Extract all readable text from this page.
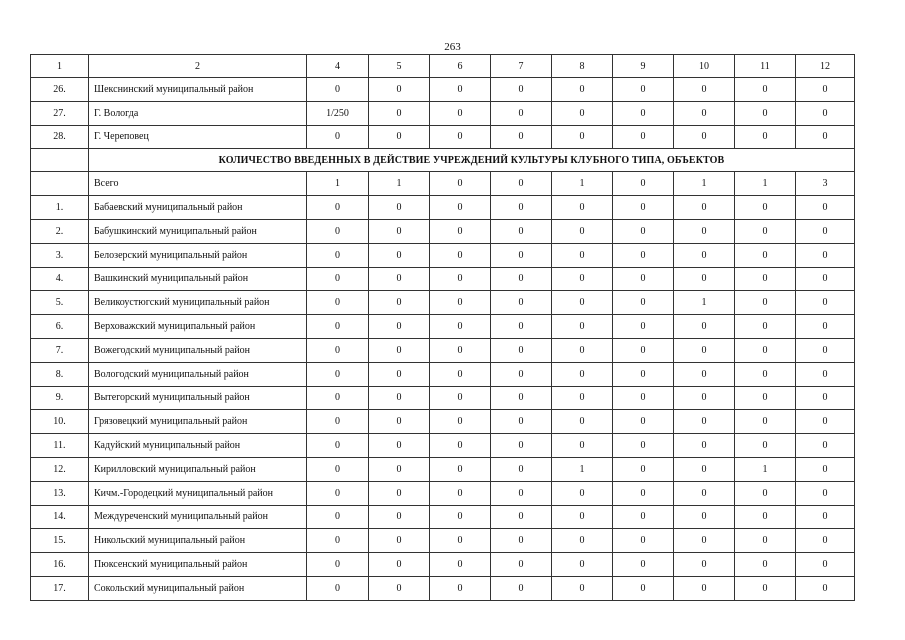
263
1	2	4	5	6	7	8	9	10	11	12
26.	Шекснинский муниципальный район	0	0	0	0	0	0	0	0	0
27.	Г. Вологда	1/250	0	0	0	0	0	0	0	0
28.	Г. Череповец	0	0	0	0	0	0	0	0	0
	КОЛИЧЕСТВО ВВЕДЕННЫХ В ДЕЙСТВИЕ УЧРЕЖДЕНИЙ КУЛЬТУРЫ КЛУБНОГО ТИПА, ОБЪЕКТОВ									
	Всего	1	1	0	0	1	0	1	1	3
1.	Бабаевский муниципальный район	0	0	0	0	0	0	0	0	0
2.	Бабушкинский муниципальный район	0	0	0	0	0	0	0	0	0
3.	Белозерский муниципальный район	0	0	0	0	0	0	0	0	0
4.	Вашкинский муниципальный район	0	0	0	0	0	0	0	0	0
5.	Великоустюгский муниципальный район	0	0	0	0	0	0	1	0	0
6.	Верховажский муниципальный район	0	0	0	0	0	0	0	0	0
7.	Вожегодский муниципальный район	0	0	0	0	0	0	0	0	0
8.	Вологодский муниципальный район	0	0	0	0	0	0	0	0	0
9.	Вытегорский муниципальный район	0	0	0	0	0	0	0	0	0
10.	Грязовецкий муниципальный район	0	0	0	0	0	0	0	0	0
11.	Кадуйский муниципальный район	0	0	0	0	0	0	0	0	0
12.	Кирилловский муниципальный район	0	0	0	0	1	0	0	1	0
13.	Кичм.-Городецкий муниципальный район	0	0	0	0	0	0	0	0	0
14.	Междуреченский муниципальный район	0	0	0	0	0	0	0	0	0
15.	Никольский муниципальный район	0	0	0	0	0	0	0	0	0
16.	Пюксенский муниципальный район	0	0	0	0	0	0	0	0	0
17.	Сокольский муниципальный район	0	0	0	0	0	0	0	0	0
